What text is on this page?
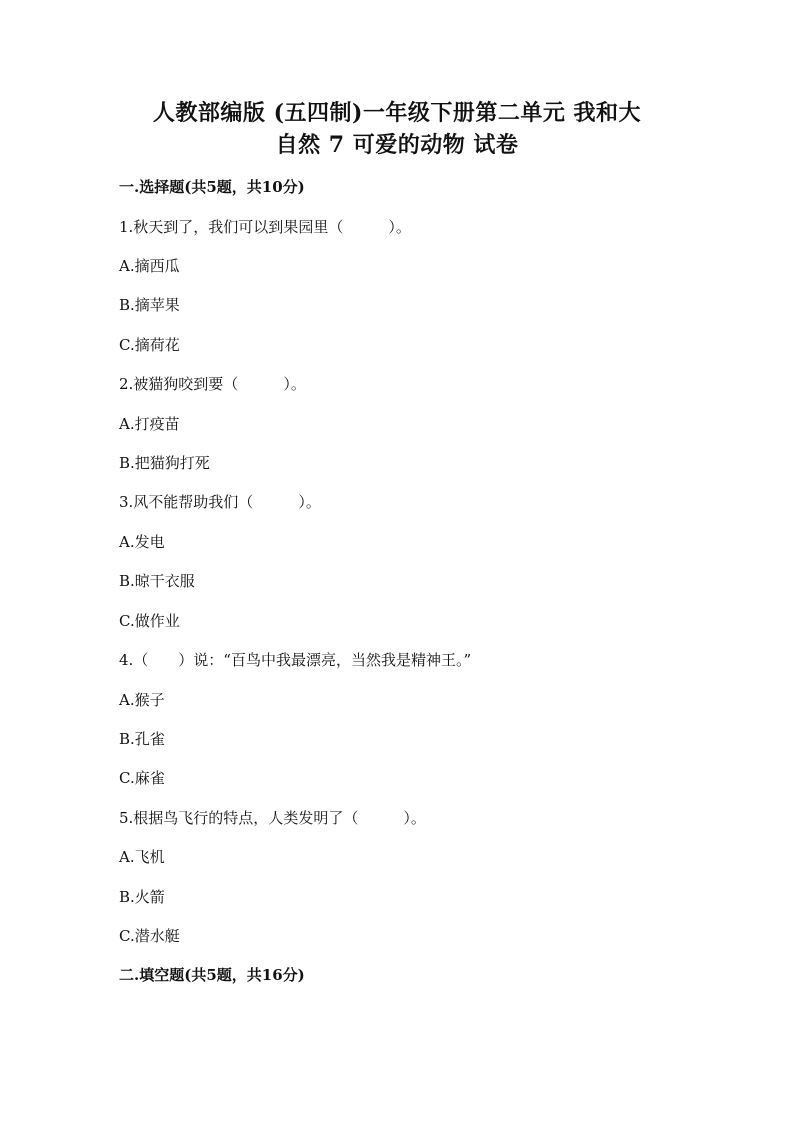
人教部编版 (五四制)一年级下册第二单元 我和大
自然 7 可爱的动物 试卷
一.选择题(共5题，共10分)
1.秋天到了，我们可以到果园里（　　　）。
A.摘西瓜
B.摘苹果
C.摘荷花
2.被猫狗咬到要（　　　）。
A.打疫苗
B.把猫狗打死
3.风不能帮助我们（　　　）。
A.发电
B.晾干衣服
C.做作业
4.（　　）说：“百鸟中我最漂亮，当然我是精神王。”
A.猴子
B.孔雀
C.麻雀
5.根据鸟飞行的特点，人类发明了（　　　）。
A.飞机
B.火箭
C.潜水艇
二.填空题(共5题，共16分)
